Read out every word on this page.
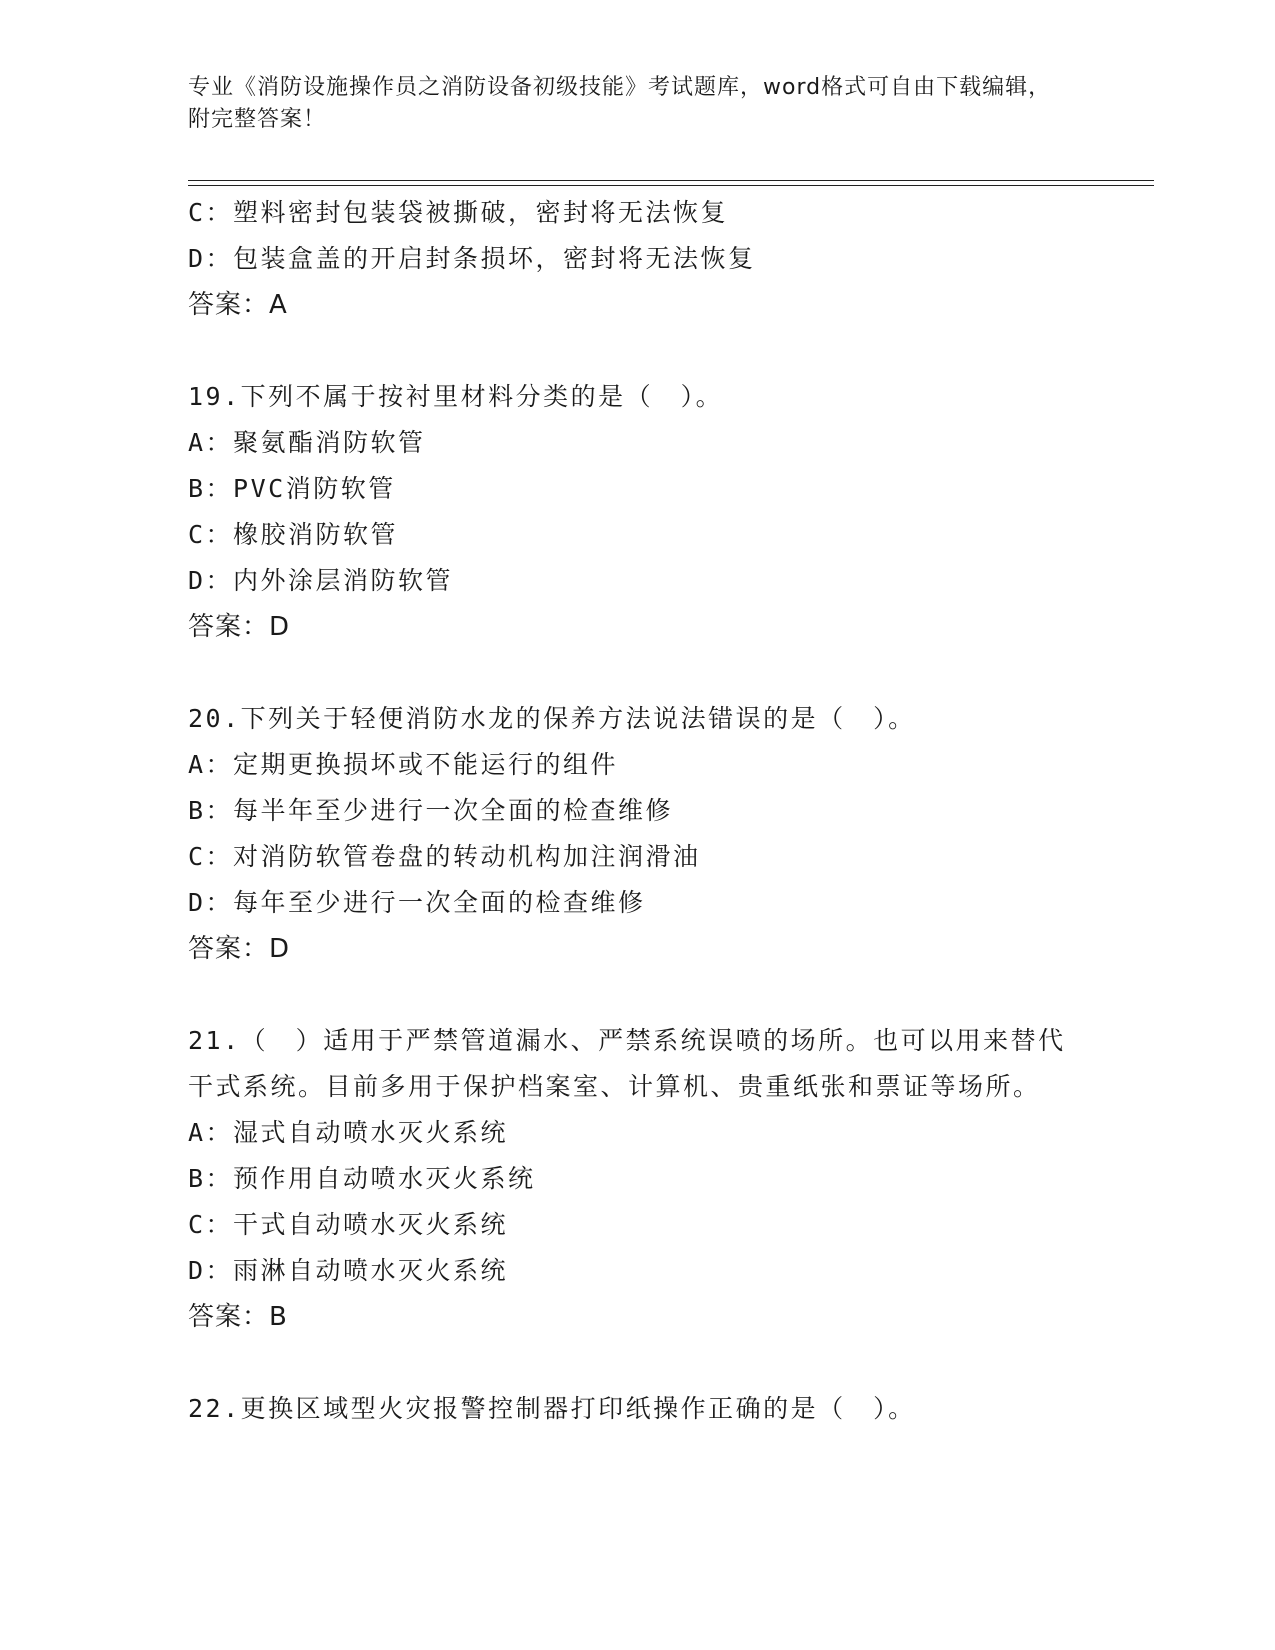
专业《消防设施操作员之消防设备初级技能》考试题库，word格式可自由下载编辑，附完整答案！
C：塑料密封包装袋被撕破，密封将无法恢复
D：包装盒盖的开启封条损坏，密封将无法恢复
答案：A
19.下列不属于按衬里材料分类的是（　）。
A：聚氨酯消防软管
B：PVC消防软管
C：橡胶消防软管
D：内外涂层消防软管
答案：D
20.下列关于轻便消防水龙的保养方法说法错误的是（　）。
A：定期更换损坏或不能运行的组件
B：每半年至少进行一次全面的检查维修
C：对消防软管卷盘的转动机构加注润滑油
D：每年至少进行一次全面的检查维修
答案：D
21.（　）适用于严禁管道漏水、严禁系统误喷的场所。也可以用来替代干式系统。目前多用于保护档案室、计算机、贵重纸张和票证等场所。
A：湿式自动喷水灭火系统
B：预作用自动喷水灭火系统
C：干式自动喷水灭火系统
D：雨淋自动喷水灭火系统
答案：B
22.更换区域型火灾报警控制器打印纸操作正确的是（　）。
